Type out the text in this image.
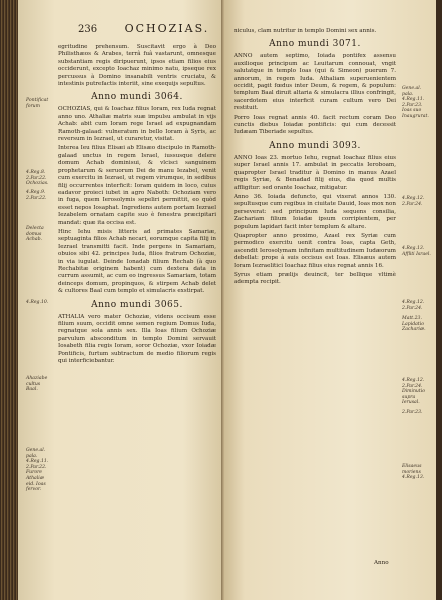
236	OCHOZIAS.
Pontificat forum
4.Reg.8. 2.Par.22. Ochozias.
4.Reg.9. 2.Par.22.
Delecta domus Achab.
4.Reg.10.
Ahaziabe cultus Baal.
Gene.al. pala. 4.Reg.11. 2.Par.22. Furore Athaliæ eid. Ioas fervor.

egritudine prehensum. Suscitavit ergo à Deo Philisthæos & Arabes, terrâ fuâ vastarunt, omnesque substantiam regis diripuerunt, ipsos etiam filios eius occiderunt, excepto Ioachaz minimo natu, ipseque rex percussus à Domino insanabili ventris cruciatu, & intestinis putrefactis interiit, sine exequijs sepultus.

Anno mundi 3064.

OCHOZIAS, qui & Ioachaz filius Ioram, rex Iuda regnat anno uno. Athaliæ matris suæ impulsu ambulat in vijs Achab: abit cum Ioram rege Israel ad expugnandam Ramoth-galaad: vulneratum in bello Ioram à Syris, ac reversum in Iezrael, ut curaretur, visitat.

Interea Ieu filius Elisæi ab Elisæo discipulo in Ramoth-galaad unctus in regem Israel, iussusque delere domum Achab dominisui, & vlcisci sanguinem prophetarum & seruorum Dei de manu Iezabel, venit cum exercitu in Iezrael, ut regem virumque, in sedibus filij occurrentes interficit: Ioram quidem in loco, cuius eadavor proieci iubet in agro Naboth: Ochoziam vero in fuga, quem Ierosolymis sepeliri permittit, eo quòd esset nepos Iosaphat. Ingrediens autem portam Iezrael Iezabelem ornatam capite suo è fenestra præcipitari mandat: quæ ita occisa est.

Hinc Iehu misis litteris ad primates Samariæ, septuaginta filios Achab necari, eorumque capita filij in Iezrael transmitti facit. Inde pergens in Samariam, obuios sibi 42. principes Iuda, filios fratrum Ochoziæ, in via iugulat. Deinde Ionadab filium Rechab (à quo Rechabitæ originem habent) cum dextera data in currum assumit, ac cum eo ingressus Samariam, totam deinceps domum, propinquos, & stirpem Achab delet & cultores Baal cum templo et simulacris exstirpat.

Anno mundi 3065.

ATHALIA vero mater Ochoziæ, videns occisum esse filium suum, occidit omne semen regium Domus Iuda, regnatque sola annis sex. Illa Ioas filium Ochoziæ parvulum absconditum in templo Domini servauit Iosabeth filia regis Ioram, soror Ochoziæ, vxor Ioiadæ Pontificis, furtum subtractum de medio filiorum regis qui interficiebantur.

niculus, clam nutritur in templo Domini sex annis.

Anno mundi 3071.

ANNO autem septimo, Ioiada pontifex assensu auxilioque principum ac Leuitarum connouat, vngit salutatque in templo Ioas (qui & Simeon) puerum 7. annorum, in regem Iuda. Athaliam superuenientem occidit, pagit fœdus inter Deum, & regem, & populum: templum Baal diruit altaria & simulacra illius confringit, sacerdotem eius interficit curam cultum vero Dei restituit.

Porro Ioas regnat annis 40. facit rectum coram Deo cunctis diebus Ioiadæ pontificis: qui cum decessit Iudæam Tiberiade sepultus.

Anno mundi 3093.

ANNO Ioas 23. mortuo Iehu, regnat Ioachaz filius eius super Israel annis 17. ambulat in peccatis Ieroboam, quapropter Israel traditur à Domino in manus Azael regis Syriæ, & Benadad filij eius, dia quod multis affligitur: sed orante Ioachaz, mitigatur.

Anno 36. Ioiada defuncto, qui vixerat annos 130. sepultusque cum regibus in ciuitate Dauid, Ioas mox non perseverat: sed principum Iuda sequens consilia, Zachariam filium Ioiadæ ipsum corripientem, per populum lapidari facit inter templum & altare.

Quapropter anno proximo, Azael rex Syriæ cum permodico exercitu uenit contra Ioas, capta Geth, ascendit Ierosolymam infinitam multitudinem Iudæorum debellat: prope à suis occisus est Ioas. Elisæus autem Ioram Iezraelitici Ioachaz filius eius regnat annis 16.

Syrus etiam prælijs deuincit, ter bellique vltimè adempta recipit.

Gene.al. pala. 4.Reg.11. 2.Par.23. Ioas suo Inaugrurat.
4.Reg.12. 2.Par.24.
4.Reg.13. Affliti Israel.
4.Reg.12. 2.Par.24.
Matt.23. Lapidatio Zachariæ.
4.Reg.12. 2.Par.24. Diminutio supra Ierusal.
2.Par.23.
Elisaeus moriens 4.Reg.13.
Anno
